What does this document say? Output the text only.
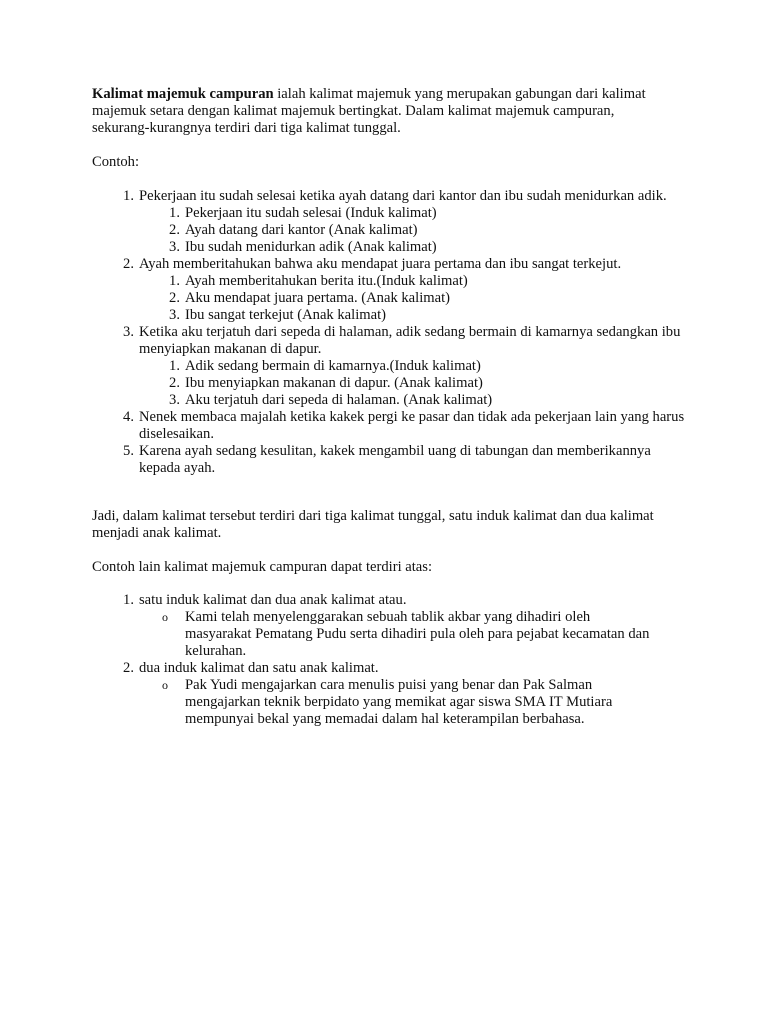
Kalimat majemuk campuran ialah kalimat majemuk yang merupakan gabungan dari kalimat majemuk setara dengan kalimat majemuk bertingkat. Dalam kalimat majemuk campuran, sekurang-kurangnya terdiri dari tiga kalimat tunggal.

Contoh:

1. Pekerjaan itu sudah selesai ketika ayah datang dari kantor dan ibu sudah menidurkan adik.
1. Pekerjaan itu sudah selesai (Induk kalimat)
2. Ayah datang dari kantor (Anak kalimat)
3. Ibu sudah menidurkan adik (Anak kalimat)
2. Ayah memberitahukan bahwa aku mendapat juara pertama dan ibu sangat terkejut.
1. Ayah memberitahukan berita itu.(Induk kalimat)
2. Aku mendapat juara pertama. (Anak kalimat)
3. Ibu sangat terkejut (Anak kalimat)
3. Ketika aku terjatuh dari sepeda di halaman, adik sedang bermain di kamarnya sedangkan ibu menyiapkan makanan di dapur.
1. Adik sedang bermain di kamarnya.(Induk kalimat)
2. Ibu menyiapkan makanan di dapur. (Anak kalimat)
3. Aku terjatuh dari sepeda di halaman. (Anak kalimat)
4. Nenek membaca majalah ketika kakek pergi ke pasar dan tidak ada pekerjaan lain yang harus diselesaikan.
5. Karena ayah sedang kesulitan, kakek mengambil uang di tabungan dan memberikannya kepada ayah.

Jadi, dalam kalimat tersebut terdiri dari tiga kalimat tunggal, satu induk kalimat dan dua kalimat menjadi anak kalimat.

Contoh lain kalimat majemuk campuran dapat terdiri atas:

1. satu induk kalimat dan dua anak kalimat atau.
o Kami telah menyelenggarakan sebuah tablik akbar yang dihadiri oleh masyarakat Pematang Pudu serta dihadiri pula oleh para pejabat kecamatan dan kelurahan.
2. dua induk kalimat dan satu anak kalimat.
o Pak Yudi mengajarkan cara menulis puisi yang benar dan Pak Salman mengajarkan teknik berpidato yang memikat agar siswa SMA IT Mutiara mempunyai bekal yang memadai dalam hal keterampilan berbahasa.
